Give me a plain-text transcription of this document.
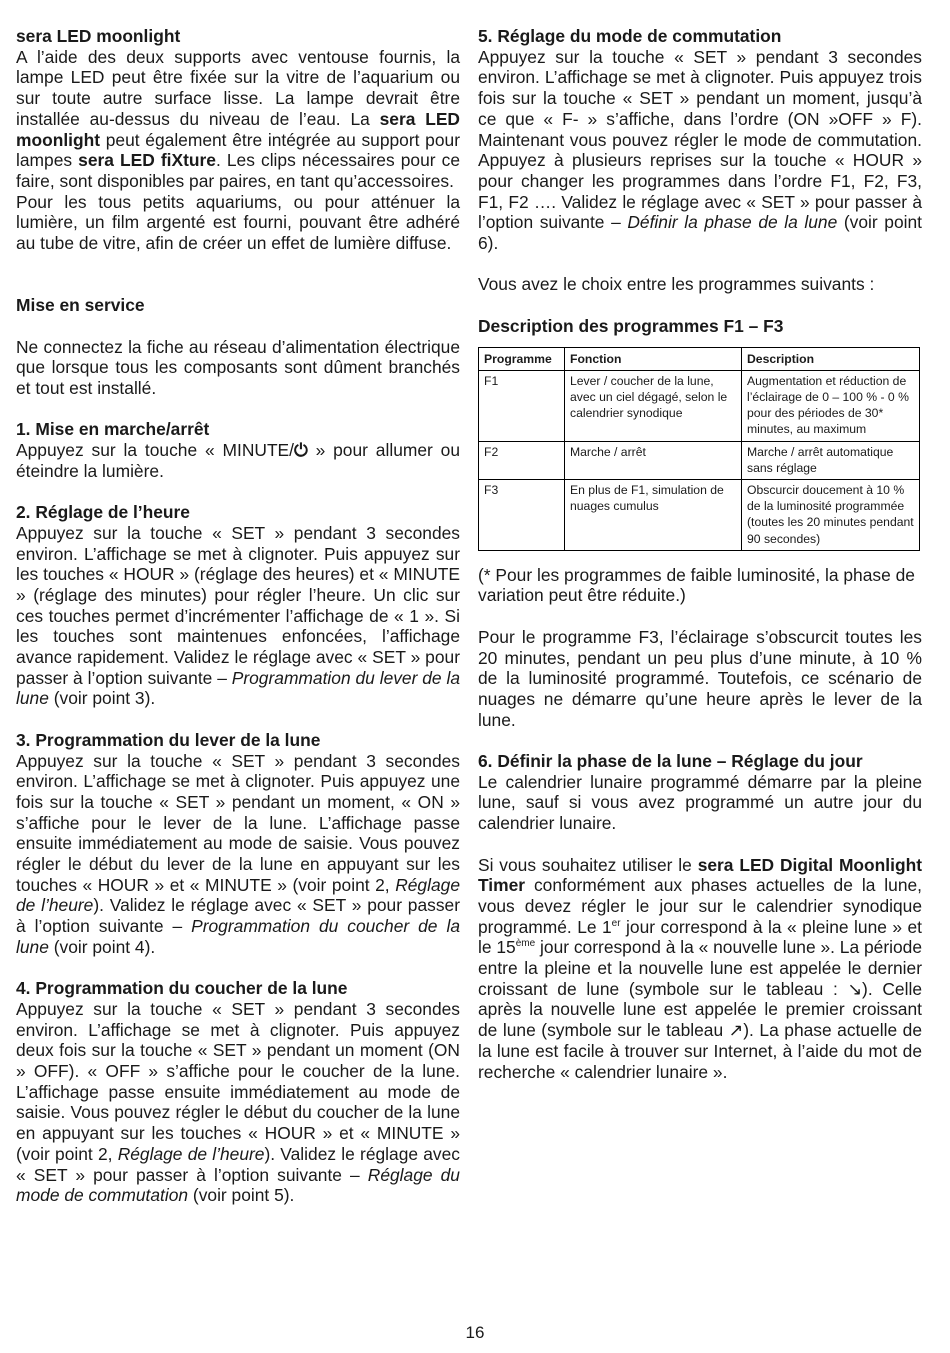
sera LED moonlight

A l’aide des deux supports avec ventouse fournis, la lampe LED peut être fixée sur la vitre de l’aquarium ou sur toute autre surface lisse. La lampe devrait être installée au-dessus du niveau de l’eau. La sera LED moonlight peut également être intégrée au support pour lampes sera LED fiXture. Les clips nécessaires pour ce faire, sont disponibles par paires, en tant qu’accessoires.

Pour les tous petits aquariums, ou pour atténuer la lumière, un film argenté est fourni, pouvant être adhéré au tube de vitre, afin de créer un effet de lumière diffuse.

Mise en service

Ne connectez la fiche au réseau d’alimentation électrique que lorsque tous les composants sont dûment branchés et tout est installé.

1. Mise en marche/arrêt

Appuyez sur la touche « MINUTE/⏻ » pour allumer ou éteindre la lumière.

2. Réglage de l’heure

Appuyez sur la touche « SET » pendant 3 secondes environ. L’affichage se met à clignoter. Puis appuyez sur les touches « HOUR » (réglage des heures) et « MINUTE » (réglage des minutes) pour régler l’heure. Un clic sur ces touches permet d’incrémenter l’affichage de « 1 ». Si les touches sont maintenues enfoncées, l’affichage avance rapidement. Validez le réglage avec « SET » pour passer à l’option suivante – Programmation du lever de la lune (voir point 3).

3. Programmation du lever de la lune

Appuyez sur la touche « SET » pendant 3 secondes environ. L’affichage se met à clignoter. Puis appuyez une fois sur la touche « SET » pendant un moment, « ON » s’affiche pour le lever de la lune. L’affichage passe ensuite immédiatement au mode de saisie. Vous pouvez régler le début du lever de la lune en appuyant sur les touches « HOUR » et « MINUTE » (voir point 2, Réglage de l’heure). Validez le réglage avec « SET » pour passer à l’option suivante – Programmation du coucher de la lune (voir point 4).

4. Programmation du coucher de la lune

Appuyez sur la touche « SET » pendant 3 secondes environ. L’affichage se met à clignoter. Puis appuyez deux fois sur la touche « SET » pendant un moment (ON » OFF). « OFF » s’affiche pour le coucher de la lune. L’affichage passe ensuite immédiatement au mode de saisie. Vous pouvez régler le début du coucher de la lune en appuyant sur les touches « HOUR » et « MINUTE » (voir point 2, Réglage de l’heure). Validez le réglage avec « SET » pour passer à l’option suivante – Réglage du mode de commutation (voir point 5).

5. Réglage du mode de commutation

Appuyez sur la touche « SET » pendant 3 secondes environ. L’affichage se met à clignoter. Puis appuyez trois fois sur la touche « SET » pendant un moment, jusqu’à ce que « F- » s’affiche, dans l’ordre (ON »OFF » F). Maintenant vous pouvez régler le mode de commutation. Appuyez à plusieurs reprises sur la touche « HOUR » pour changer les programmes dans l’ordre F1, F2, F3, F1, F2 …. Validez le réglage avec « SET » pour passer à l’option suivante – Définir la phase de la lune (voir point 6).

Vous avez le choix entre les programmes suivants :

Description des programmes F1 – F3
Programme	Fonction	Description
F1	Lever / coucher de la lune, avec un ciel dégagé, selon le calendrier synodique	Augmentation et réduction de l’éclairage de 0 – 100 % - 0 % pour des périodes de 30* minutes, au maximum
F2	Marche / arrêt	Marche / arrêt automatique sans réglage
F3	En plus de F1, simulation de nuages cumulus	Obscurcir doucement à 10 % de la luminosité programmée (toutes les 20 minutes pendant 90 secondes)

(* Pour les programmes de faible luminosité, la phase de variation peut être réduite.)

Pour le programme F3, l’éclairage s’obscurcit toutes les 20 minutes, pendant un peu plus d’une minute, à 10 % de la luminosité programmé. Toutefois, ce scénario de nuages ne démarre qu’une heure après le lever de la lune.

6. Définir la phase de la lune – Réglage du jour

Le calendrier lunaire programmé démarre par la pleine lune, sauf si vous avez programmé un autre jour du calendrier lunaire.

Si vous souhaitez utiliser le sera LED Digital Moonlight Timer conformément aux phases actuelles de la lune, vous devez régler le jour sur le calendrier synodique programmé. Le 1er jour correspond à la « pleine lune » et le 15ème jour correspond à la « nouvelle lune ». La période entre la pleine et la nouvelle lune est appelée le dernier croissant de lune (symbole sur le tableau : ↘). Celle après la nouvelle lune est appelée le premier croissant de lune (symbole sur le tableau ↗). La phase actuelle de la lune est facile à trouver sur Internet, à l’aide du mot de recherche « calendrier lunaire ».

16
